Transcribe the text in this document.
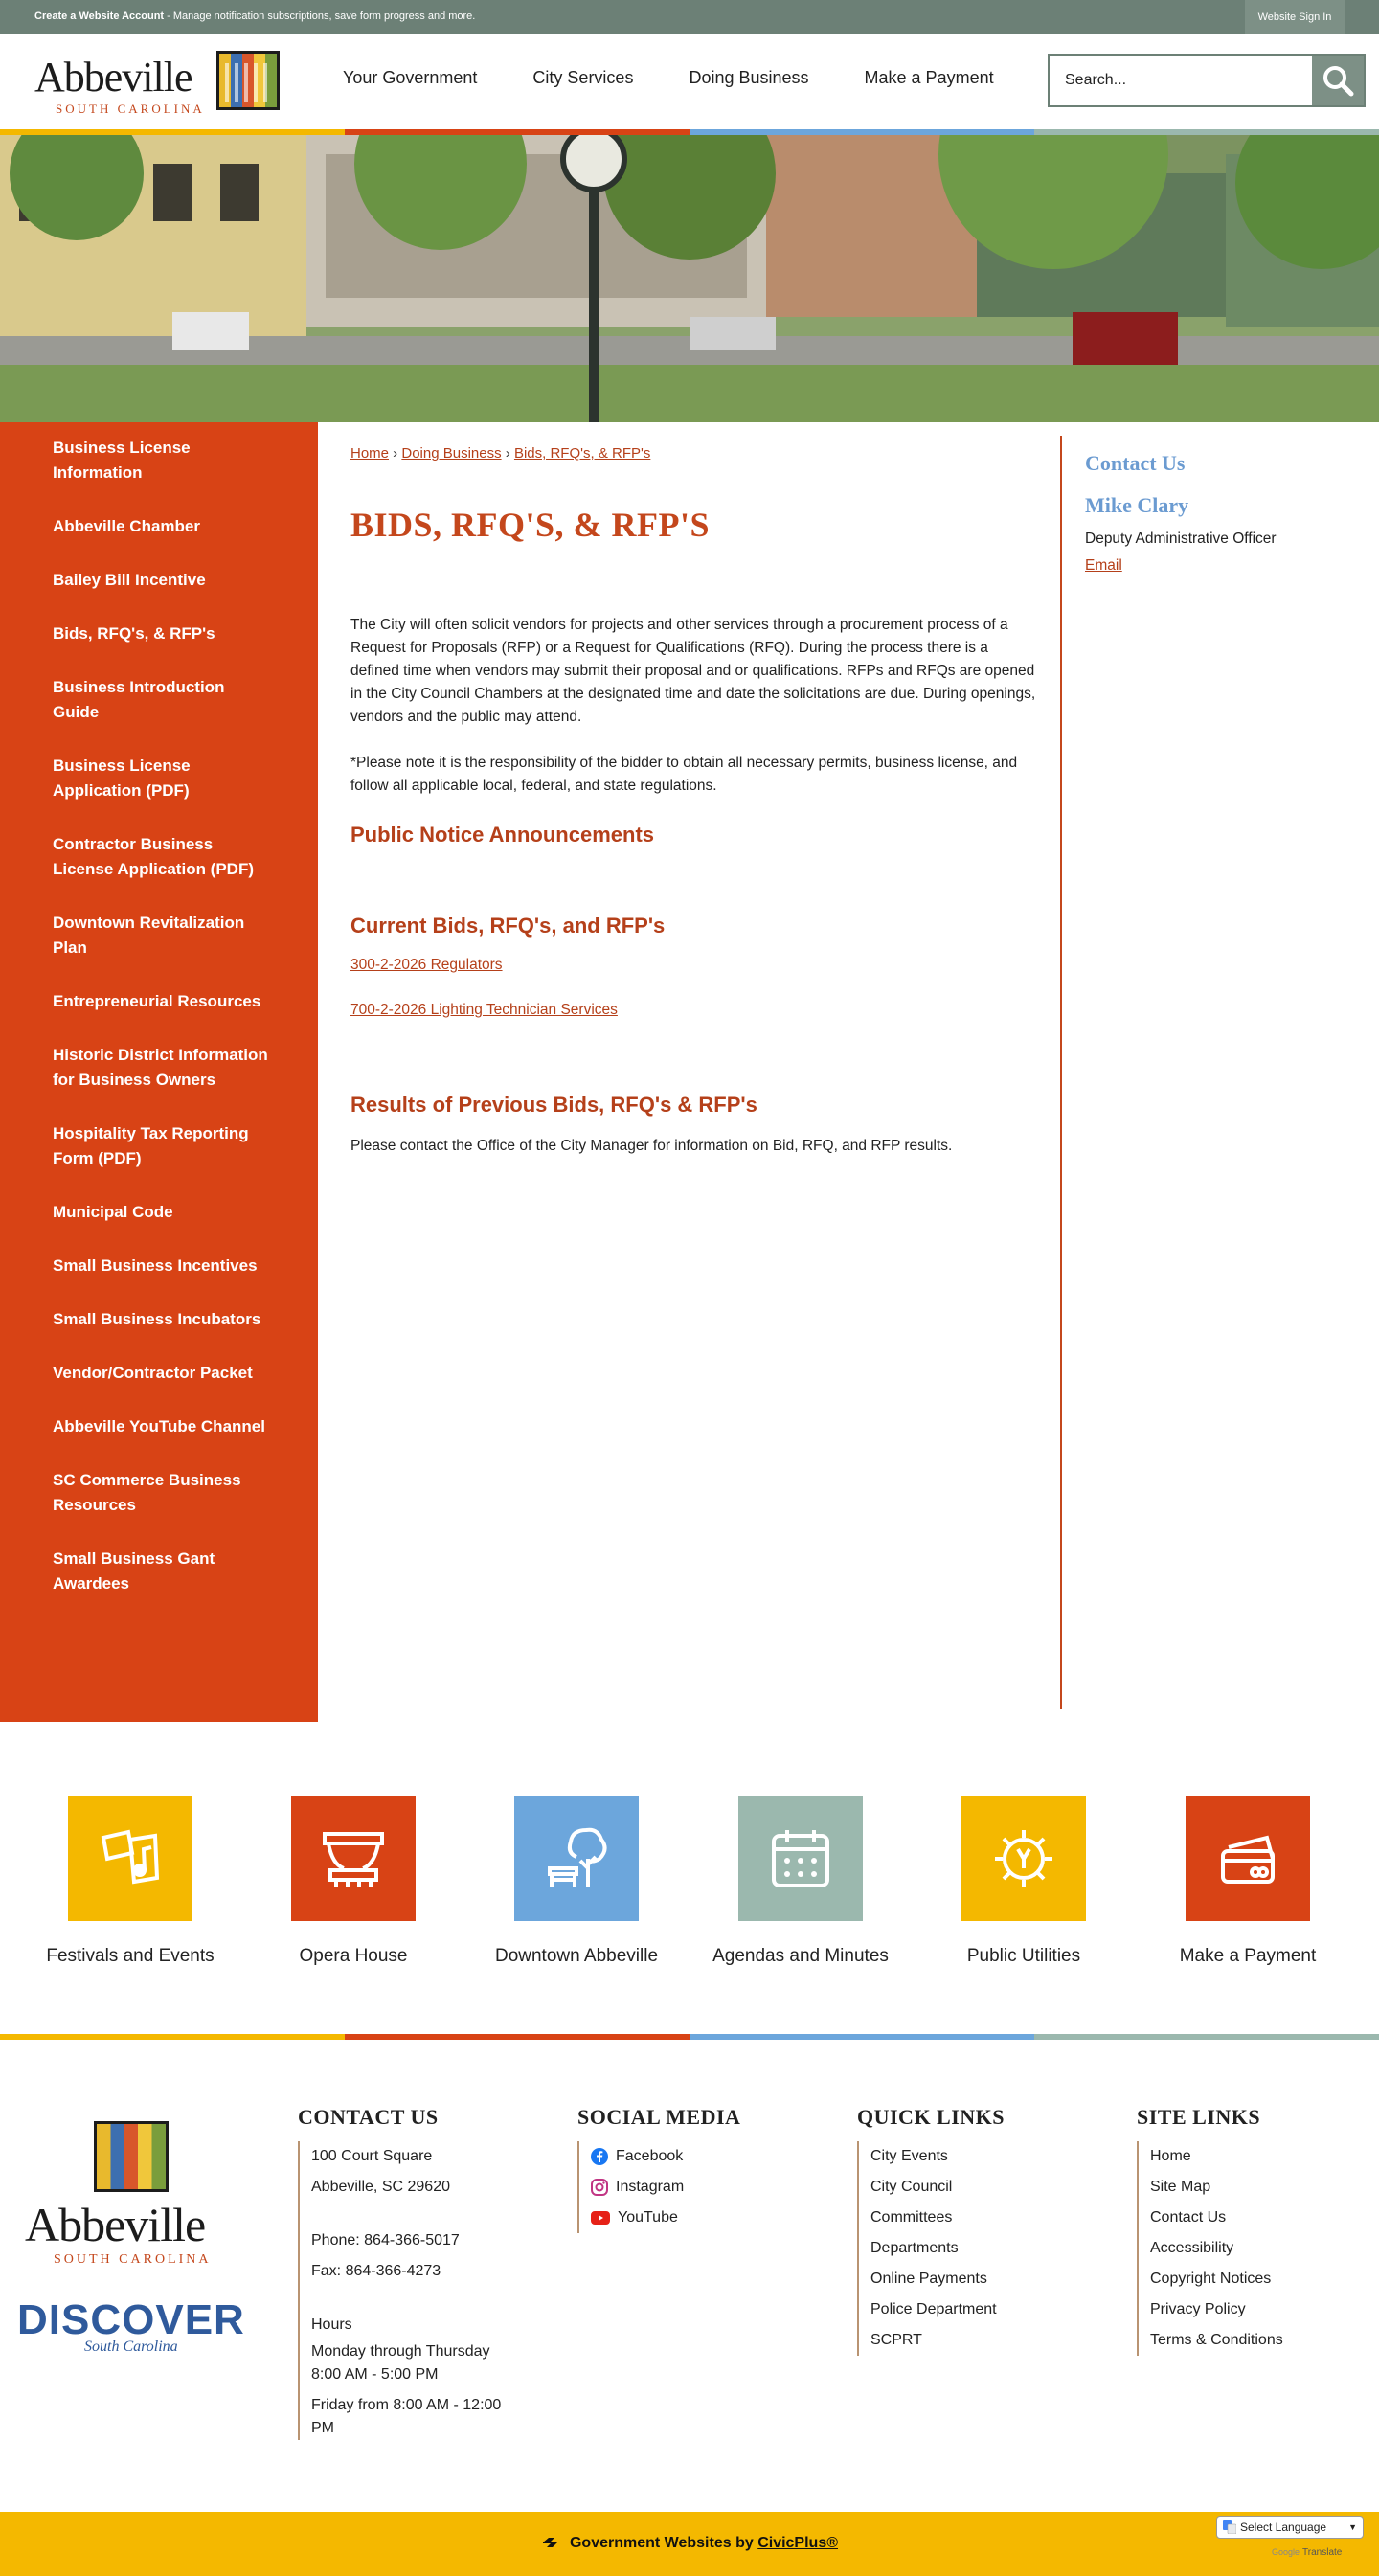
Create a Website Account - Manage notification subscriptions, save form progress and more.	Website Sign In
Abbeville
SOUTH CAROLINA
Your Government	City Services	Doing Business	Make a Payment
Search...
Business License Information
Abbeville Chamber
Bailey Bill Incentive
Bids, RFQ's, & RFP's
Business Introduction Guide
Business License Application (PDF)
Contractor Business License Application (PDF)
Downtown Revitalization Plan
Entrepreneurial Resources
Historic District Information for Business Owners
Hospitality Tax Reporting Form (PDF)
Municipal Code
Small Business Incentives
Small Business Incubators
Vendor/Contractor Packet
Abbeville YouTube Channel
SC Commerce Business Resources
Small Business Gant Awardees
Home › Doing Business › Bids, RFQ's, & RFP's
BIDS, RFQ'S, & RFP'S

The City will often solicit vendors for projects and other services through a procurement process of a Request for Proposals (RFP) or a Request for Qualifications (RFQ). During the process there is a defined time when vendors may submit their proposal and or qualifications. RFPs and RFQs are opened in the City Council Chambers at the designated time and date the solicitations are due. During openings, vendors and the public may attend.

*Please note it is the responsibility of the bidder to obtain all necessary permits, business license, and follow all applicable local, federal, and state regulations.

Public Notice Announcements
Current Bids, RFQ's, and RFP's
300-2-2026 Regulators
700-2-2026 Lighting Technician Services
Results of Previous Bids, RFQ's & RFP's

Please contact the Office of the City Manager for information on Bid, RFQ, and RFP results.

Contact Us
Mike Clary
Deputy Administrative Officer
Email
Festivals and Events	Opera House	Downtown Abbeville	Agendas and Minutes	Public Utilities	Make a Payment
Abbeville
SOUTH CAROLINA
DISCOVER
South Carolina
CONTACT US
100 Court Square
Abbeville, SC 29620
Phone: 864-366-5017
Fax: 864-366-4273
Hours
Monday through Thursday
8:00 AM - 5:00 PM
Friday from 8:00 AM - 12:00
PM
SOCIAL MEDIA
Facebook
Instagram
YouTube
QUICK LINKS
City Events
City Council
Committees
Departments
Online Payments
Police Department
SCPRT
SITE LINKS
Home
Site Map
Contact Us
Accessibility
Copyright Notices
Privacy Policy
Terms & Conditions
Government Websites by CivicPlus®
Select Language	▼
Google Translate
